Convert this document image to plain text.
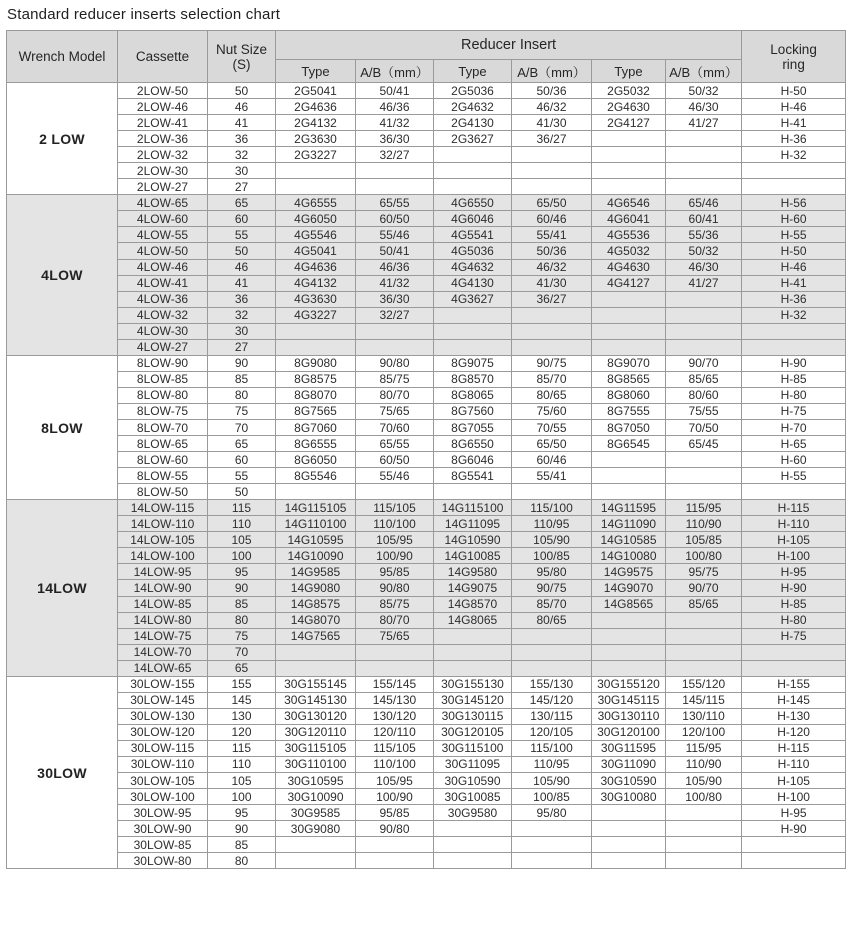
Standard reducer inserts selection chart
Wrench Model	Cassette	Nut Size
(S)
	Reducer Insert	Locking
ring

			Type	A/B（mm）	Type	A/B（mm）	Type	A/B（mm）	
2 LOW	2LOW-50	50	2G5041	50/41	2G5036	50/36	2G5032	50/32	H-50
	2LOW-46	46	2G4636	46/36	2G4632	46/32	2G4630	46/30	H-46
	2LOW-41	41	2G4132	41/32	2G4130	41/30	2G4127	41/27	H-41
	2LOW-36	36	2G3630	36/30	2G3627	36/27			H-36
	2LOW-32	32	2G3227	32/27					H-32
	2LOW-30	30							
	2LOW-27	27							
4LOW	4LOW-65	65	4G6555	65/55	4G6550	65/50	4G6546	65/46	H-56
	4LOW-60	60	4G6050	60/50	4G6046	60/46	4G6041	60/41	H-60
	4LOW-55	55	4G5546	55/46	4G5541	55/41	4G5536	55/36	H-55
	4LOW-50	50	4G5041	50/41	4G5036	50/36	4G5032	50/32	H-50
	4LOW-46	46	4G4636	46/36	4G4632	46/32	4G4630	46/30	H-46
	4LOW-41	41	4G4132	41/32	4G4130	41/30	4G4127	41/27	H-41
	4LOW-36	36	4G3630	36/30	4G3627	36/27			H-36
	4LOW-32	32	4G3227	32/27					H-32
	4LOW-30	30							
	4LOW-27	27							
8LOW	8LOW-90	90	8G9080	90/80	8G9075	90/75	8G9070	90/70	H-90
	8LOW-85	85	8G8575	85/75	8G8570	85/70	8G8565	85/65	H-85
	8LOW-80	80	8G8070	80/70	8G8065	80/65	8G8060	80/60	H-80
	8LOW-75	75	8G7565	75/65	8G7560	75/60	8G7555	75/55	H-75
	8LOW-70	70	8G7060	70/60	8G7055	70/55	8G7050	70/50	H-70
	8LOW-65	65	8G6555	65/55	8G6550	65/50	8G6545	65/45	H-65
	8LOW-60	60	8G6050	60/50	8G6046	60/46			H-60
	8LOW-55	55	8G5546	55/46	8G5541	55/41			H-55
	8LOW-50	50							
14LOW	14LOW-115	115	14G115105	115/105	14G115100	115/100	14G11595	115/95	H-115
	14LOW-110	110	14G110100	110/100	14G11095	110/95	14G11090	110/90	H-110
	14LOW-105	105	14G10595	105/95	14G10590	105/90	14G10585	105/85	H-105
	14LOW-100	100	14G10090	100/90	14G10085	100/85	14G10080	100/80	H-100
	14LOW-95	95	14G9585	95/85	14G9580	95/80	14G9575	95/75	H-95
	14LOW-90	90	14G9080	90/80	14G9075	90/75	14G9070	90/70	H-90
	14LOW-85	85	14G8575	85/75	14G8570	85/70	14G8565	85/65	H-85
	14LOW-80	80	14G8070	80/70	14G8065	80/65			H-80
	14LOW-75	75	14G7565	75/65					H-75
	14LOW-70	70							
	14LOW-65	65							
30LOW	30LOW-155	155	30G155145	155/145	30G155130	155/130	30G155120	155/120	H-155
	30LOW-145	145	30G145130	145/130	30G145120	145/120	30G145115	145/115	H-145
	30LOW-130	130	30G130120	130/120	30G130115	130/115	30G130110	130/110	H-130
	30LOW-120	120	30G120110	120/110	30G120105	120/105	30G120100	120/100	H-120
	30LOW-115	115	30G115105	115/105	30G115100	115/100	30G11595	115/95	H-115
	30LOW-110	110	30G110100	110/100	30G11095	110/95	30G11090	110/90	H-110
	30LOW-105	105	30G10595	105/95	30G10590	105/90	30G10590	105/90	H-105
	30LOW-100	100	30G10090	100/90	30G10085	100/85	30G10080	100/80	H-100
	30LOW-95	95	30G9585	95/85	30G9580	95/80			H-95
	30LOW-90	90	30G9080	90/80					H-90
	30LOW-85	85							
	30LOW-80	80							
